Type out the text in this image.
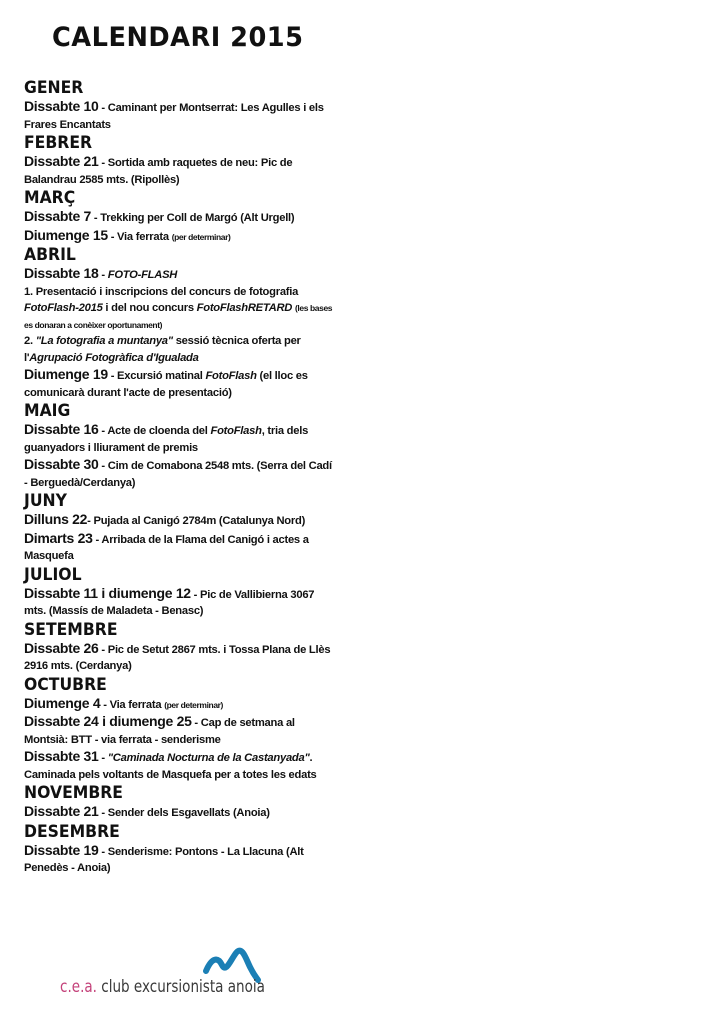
CALENDARI 2015
GENER
Dissabte 10 - Caminant per Montserrat: Les Agulles i els Frares Encantats
FEBRER
Dissabte 21 - Sortida amb raquetes de neu: Pic de Balandrau 2585 mts. (Ripollès)
MARÇ
Dissabte 7 - Trekking per Coll de Margó (Alt Urgell)
Diumenge 15 - Via ferrata (per determinar)
ABRIL
Dissabte 18 - FOTO-FLASH
1. Presentació i inscripcions del concurs de fotografia FotoFlash-2015 i del nou concurs FotoFlashRETARD (les bases es donaran a conèixer oportunament)
2. "La fotografia a muntanya" sessió tècnica oferta per l'Agrupació Fotogràfica d'Igualada
Diumenge 19 - Excursió matinal FotoFlash (el lloc es comunicarà durant l'acte de presentació)
MAIG
Dissabte 16 - Acte de cloenda del FotoFlash, tria dels guanyadors i lliurament de premis
Dissabte 30 - Cim de Comabona 2548 mts. (Serra del Cadí - Berguedà/Cerdanya)
JUNY
Dilluns 22- Pujada al Canigó 2784m (Catalunya Nord)
Dimarts 23 - Arribada de la Flama del Canigó i actes a Masquefa
JULIOL
Dissabte 11 i diumenge 12 - Pic de Vallibierna 3067 mts. (Massís de Maladeta - Benasc)
SETEMBRE
Dissabte 26 - Pic de Setut 2867 mts. i Tossa Plana de Llès 2916 mts. (Cerdanya)
OCTUBRE
Diumenge 4 - Via ferrata (per determinar)
Dissabte 24 i diumenge 25 - Cap de setmana al Montsià: BTT - via ferrata - senderisme
Dissabte 31 - "Caminada Nocturna de la Castanyada". Caminada pels voltants de Masquefa per a totes les edats
NOVEMBRE
Dissabte 21 - Sender dels Esgavellats (Anoia)
DESEMBRE
Dissabte 19 - Senderisme: Pontons - La Llacuna (Alt Penedès - Anoia)
c.e.a. club excursionista anoia
